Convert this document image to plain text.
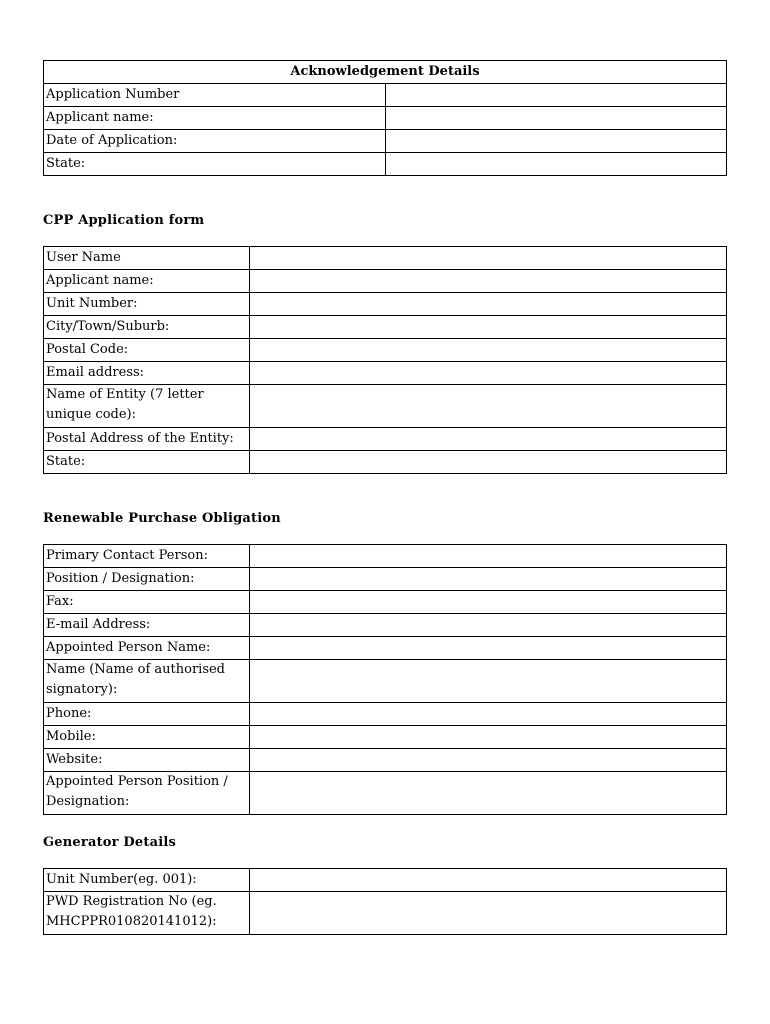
Acknowledgement Details	
Application Number	
Applicant name:	
Date of Application:	
State:	
CPP Application form
User Name	
Applicant name:	
Unit Number:	
City/Town/Suburb:	
Postal Code:	
Email address:	
Name of Entity (7 letter unique code):	
Postal Address of the Entity:	
State:	
Renewable Purchase Obligation
Primary Contact Person:	
Position / Designation:	
Fax:	
E-mail Address:	
Appointed Person Name:	
Name (Name of authorised signatory):	
Phone:	
Mobile:	
Website:	
Appointed Person Position / Designation:	
Generator Details
Unit Number(eg. 001):	
PWD Registration No (eg. MHCPPR010820141012):	
